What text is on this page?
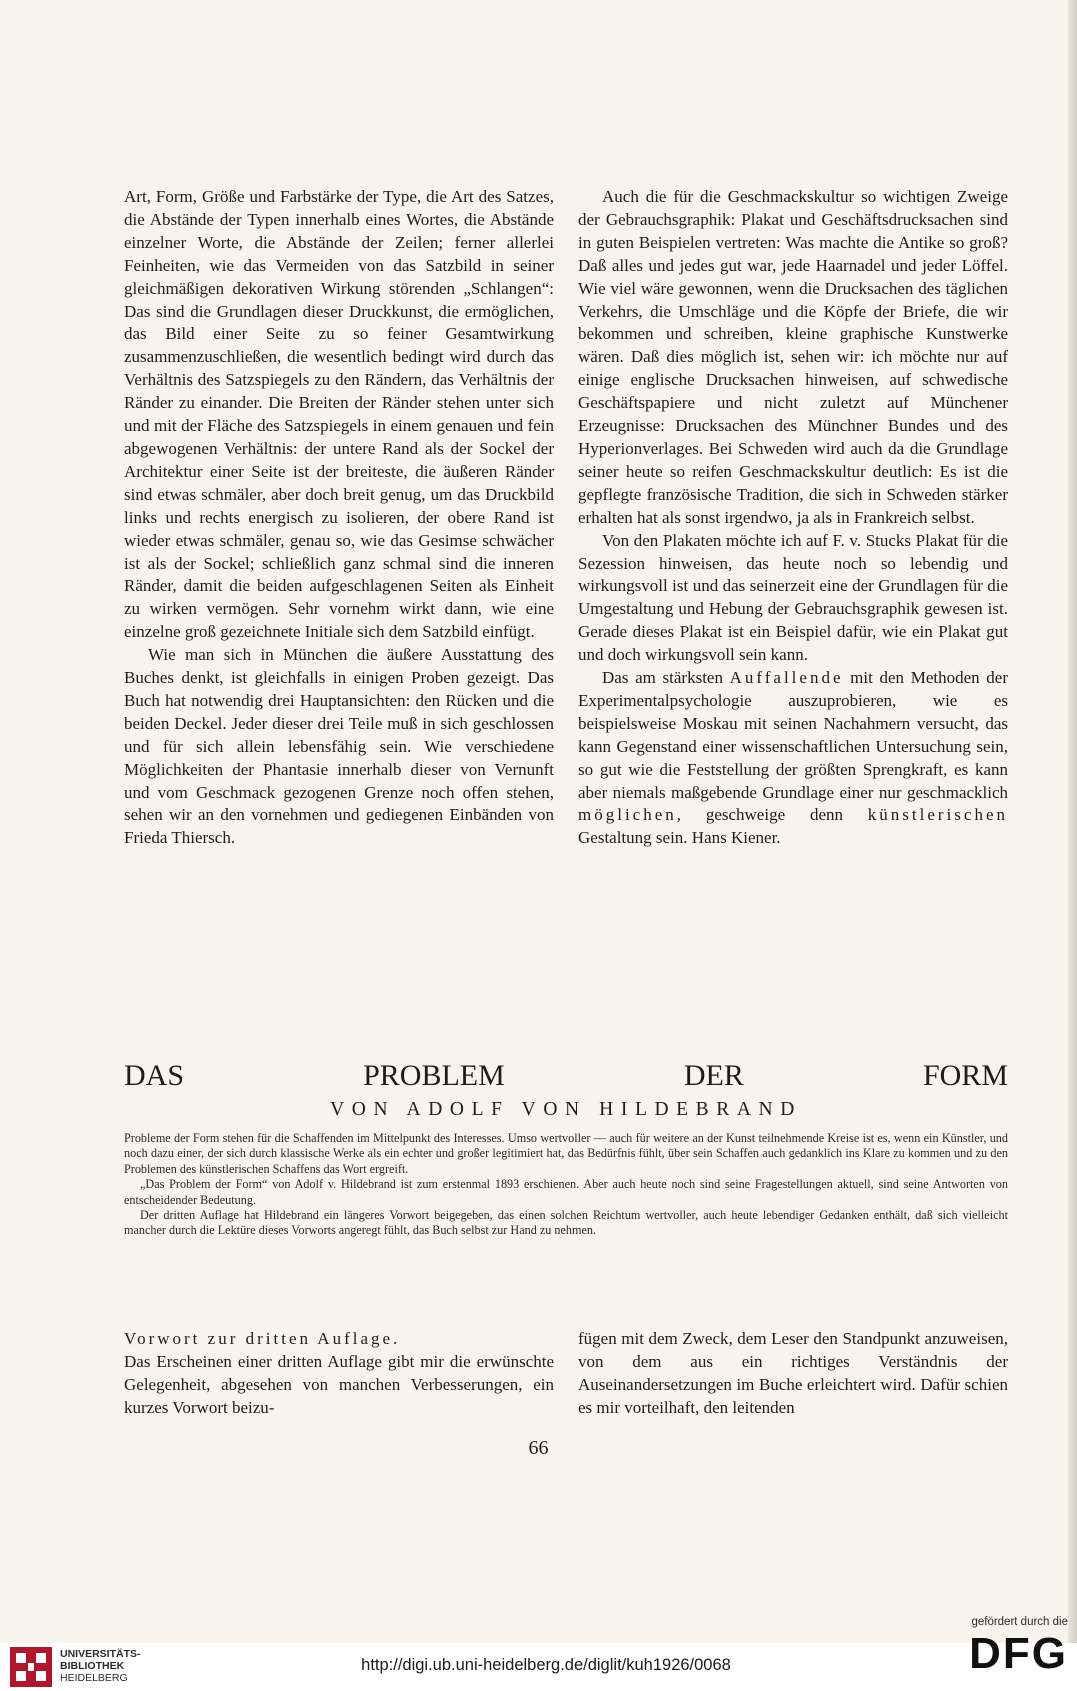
Art, Form, Größe und Farbstärke der Type, die Art des Satzes, die Abstände der Typen innerhalb eines Wortes, die Abstände einzelner Worte, die Abstände der Zeilen; ferner allerlei Feinheiten, wie das Vermeiden von das Satzbild in seiner gleichmäßigen dekorativen Wirkung störenden „Schlangen“: Das sind die Grundlagen dieser Druckkunst, die ermöglichen, das Bild einer Seite zu so feiner Gesamtwirkung zusammenzuschließen, die wesentlich bedingt wird durch das Verhältnis des Satzspiegels zu den Rändern, das Verhältnis der Ränder zu einander. Die Breiten der Ränder stehen unter sich und mit der Fläche des Satzspiegels in einem genauen und fein abgewogenen Verhältnis: der untere Rand als der Sockel der Architektur einer Seite ist der breiteste, die äußeren Ränder sind etwas schmäler, aber doch breit genug, um das Druckbild links und rechts energisch zu isolieren, der obere Rand ist wieder etwas schmäler, genau so, wie das Gesimse schwächer ist als der Sockel; schließlich ganz schmal sind die inneren Ränder, damit die beiden aufgeschlagenen Seiten als Einheit zu wirken vermögen. Sehr vornehm wirkt dann, wie eine einzelne groß gezeichnete Initiale sich dem Satzbild einfügt.

Wie man sich in München die äußere Ausstattung des Buches denkt, ist gleichfalls in einigen Proben gezeigt. Das Buch hat notwendig drei Hauptansichten: den Rücken und die beiden Deckel. Jeder dieser drei Teile muß in sich geschlossen und für sich allein lebensfähig sein. Wie verschiedene Möglichkeiten der Phantasie innerhalb dieser von Vernunft und vom Geschmack gezogenen Grenze noch offen stehen, sehen wir an den vornehmen und gediegenen Einbänden von Frieda Thiersch.

Auch die für die Geschmackskultur so wichtigen Zweige der Gebrauchsgraphik: Plakat und Geschäftsdrucksachen sind in guten Beispielen vertreten: Was machte die Antike so groß? Daß alles und jedes gut war, jede Haarnadel und jeder Löffel. Wie viel wäre gewonnen, wenn die Drucksachen des täglichen Verkehrs, die Umschläge und die Köpfe der Briefe, die wir bekommen und schreiben, kleine graphische Kunstwerke wären. Daß dies möglich ist, sehen wir: ich möchte nur auf einige englische Drucksachen hinweisen, auf schwedische Geschäftspapiere und nicht zuletzt auf Münchener Erzeugnisse: Drucksachen des Münchner Bundes und des Hyperionverlages. Bei Schweden wird auch da die Grundlage seiner heute so reifen Geschmackskultur deutlich: Es ist die gepflegte französische Tradition, die sich in Schweden stärker erhalten hat als sonst irgendwo, ja als in Frankreich selbst.

Von den Plakaten möchte ich auf F. v. Stucks Plakat für die Sezession hinweisen, das heute noch so lebendig und wirkungsvoll ist und das seinerzeit eine der Grundlagen für die Umgestaltung und Hebung der Gebrauchsgraphik gewesen ist. Gerade dieses Plakat ist ein Beispiel dafür, wie ein Plakat gut und doch wirkungsvoll sein kann.

Das am stärksten Auffallende mit den Methoden der Experimentalpsychologie auszuprobieren, wie es beispielsweise Moskau mit seinen Nachahmern versucht, das kann Gegenstand einer wissenschaftlichen Untersuchung sein, so gut wie die Feststellung der größten Sprengkraft, es kann aber niemals maßgebende Grundlage einer nur geschmacklich möglichen, geschweige denn künstlerischen Gestaltung sein. Hans Kiener.

DAS	PROBLEM	DER	FORM
VON ADOLF VON HILDEBRAND

Probleme der Form stehen für die Schaffenden im Mittelpunkt des Interesses. Umso wertvoller — auch für weitere an der Kunst teilnehmende Kreise ist es, wenn ein Künstler, und noch dazu einer, der sich durch klassische Werke als ein echter und großer legitimiert hat, das Bedürfnis fühlt, über sein Schaffen auch gedanklich ins Klare zu kommen und zu den Problemen des künstlerischen Schaffens das Wort ergreift.

„Das Problem der Form“ von Adolf v. Hildebrand ist zum erstenmal 1893 erschienen. Aber auch heute noch sind seine Fragestellungen aktuell, sind seine Antworten von entscheidender Bedeutung.

Der dritten Auflage hat Hildebrand ein längeres Vorwort beigegeben, das einen solchen Reichtum wertvoller, auch heute lebendiger Gedanken enthält, daß sich vielleicht mancher durch die Lektüre dieses Vorworts angeregt fühlt, das Buch selbst zur Hand zu nehmen.

Vorwort zur dritten Auflage.

Das Erscheinen einer dritten Auflage gibt mir die erwünschte Gelegenheit, abgesehen von manchen Verbesserungen, ein kurzes Vorwort beizu-

fügen mit dem Zweck, dem Leser den Standpunkt anzuweisen, von dem aus ein richtiges Verständnis der Auseinandersetzungen im Buche erleichtert wird. Dafür schien es mir vorteilhaft, den leitenden

66
UNIVERSITÄTS-
BIBLIOTHEK
HEIDELBERG
http://digi.ub.uni-heidelberg.de/diglit/kuh1926/0068
gefördert durch die
DFG
